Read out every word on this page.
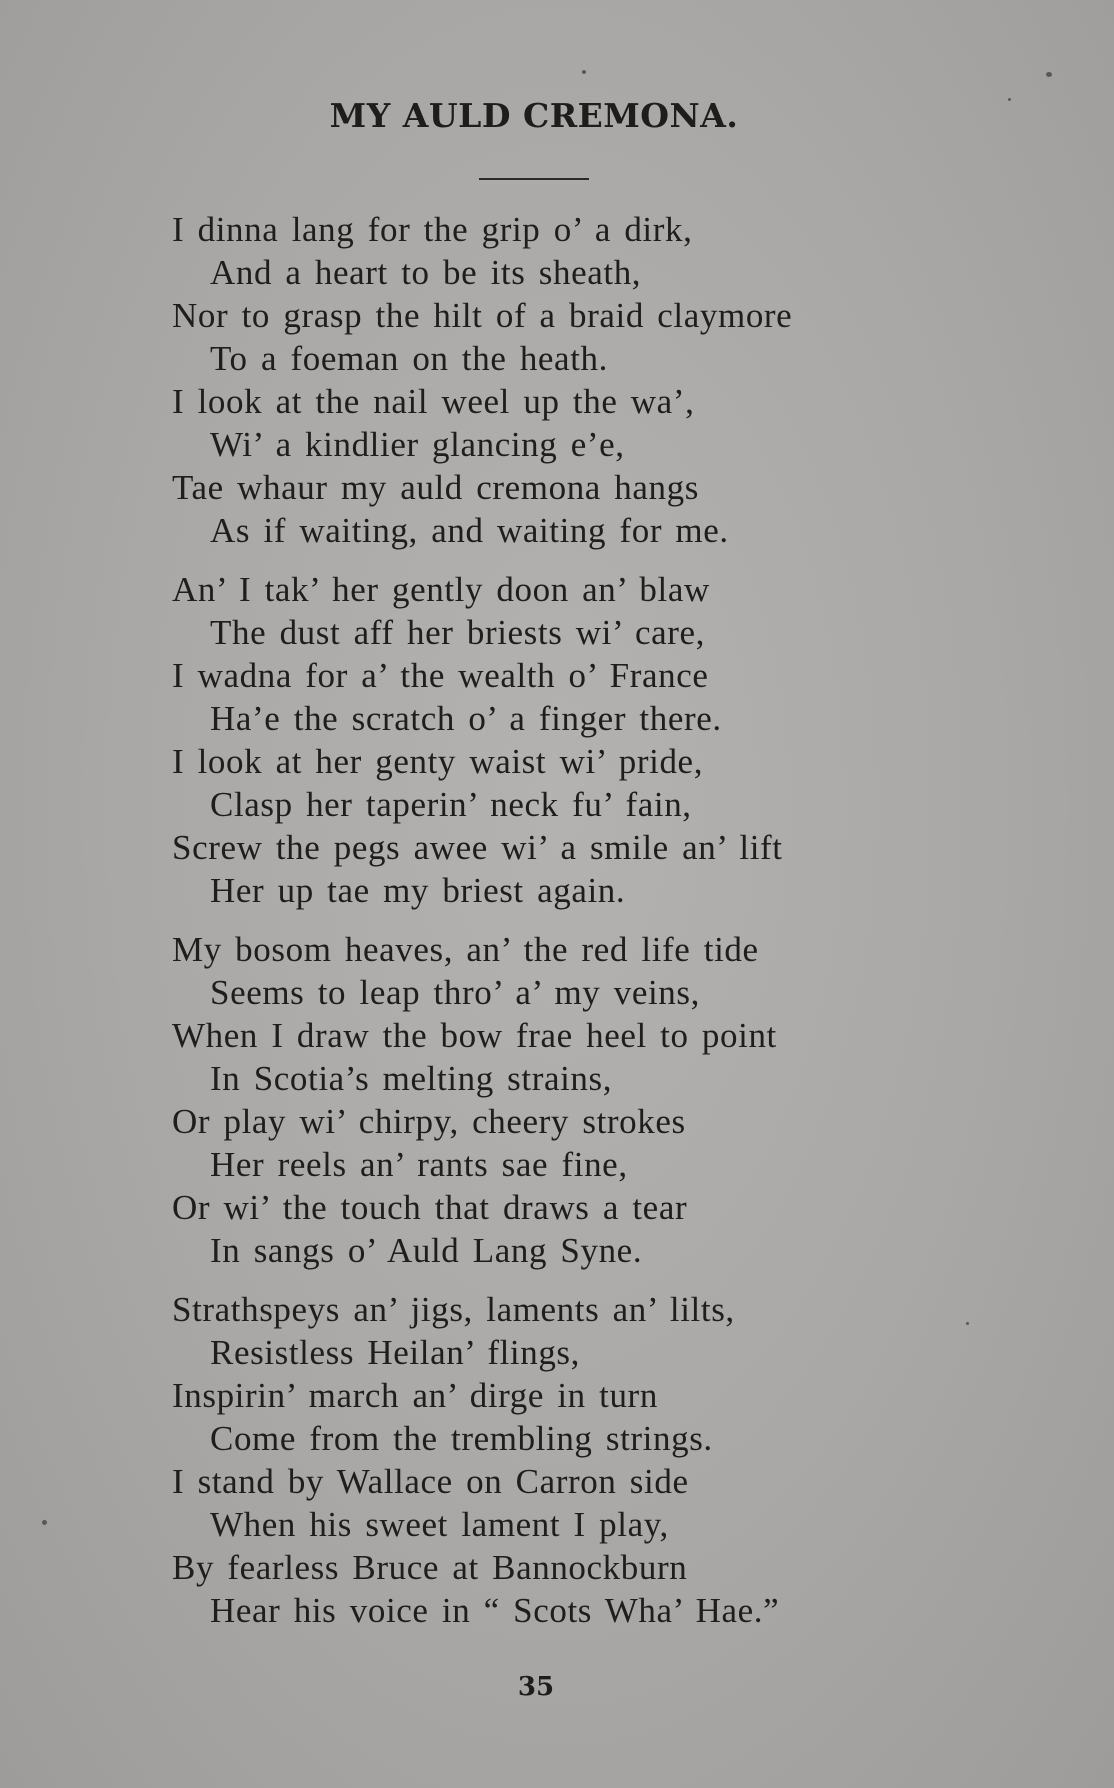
MY AULD CREMONA.
I dinna lang for the grip o’ a dirk,
And a heart to be its sheath,
Nor to grasp the hilt of a braid claymore
To a foeman on the heath.
I look at the nail weel up the wa’,
Wi’ a kindlier glancing e’e,
Tae whaur my auld cremona hangs
As if waiting, and waiting for me.
An’ I tak’ her gently doon an’ blaw
The dust aff her briests wi’ care,
I wadna for a’ the wealth o’ France
Ha’e the scratch o’ a finger there.
I look at her genty waist wi’ pride,
Clasp her taperin’ neck fu’ fain,
Screw the pegs awee wi’ a smile an’ lift
Her up tae my briest again.
My bosom heaves, an’ the red life tide
Seems to leap thro’ a’ my veins,
When I draw the bow frae heel to point
In Scotia’s melting strains,
Or play wi’ chirpy, cheery strokes
Her reels an’ rants sae fine,
Or wi’ the touch that draws a tear
In sangs o’ Auld Lang Syne.
Strathspeys an’ jigs, laments an’ lilts,
Resistless Heilan’ flings,
Inspirin’ march an’ dirge in turn
Come from the trembling strings.
I stand by Wallace on Carron side
When his sweet lament I play,
By fearless Bruce at Bannockburn
Hear his voice in “ Scots Wha’ Hae.”
35
